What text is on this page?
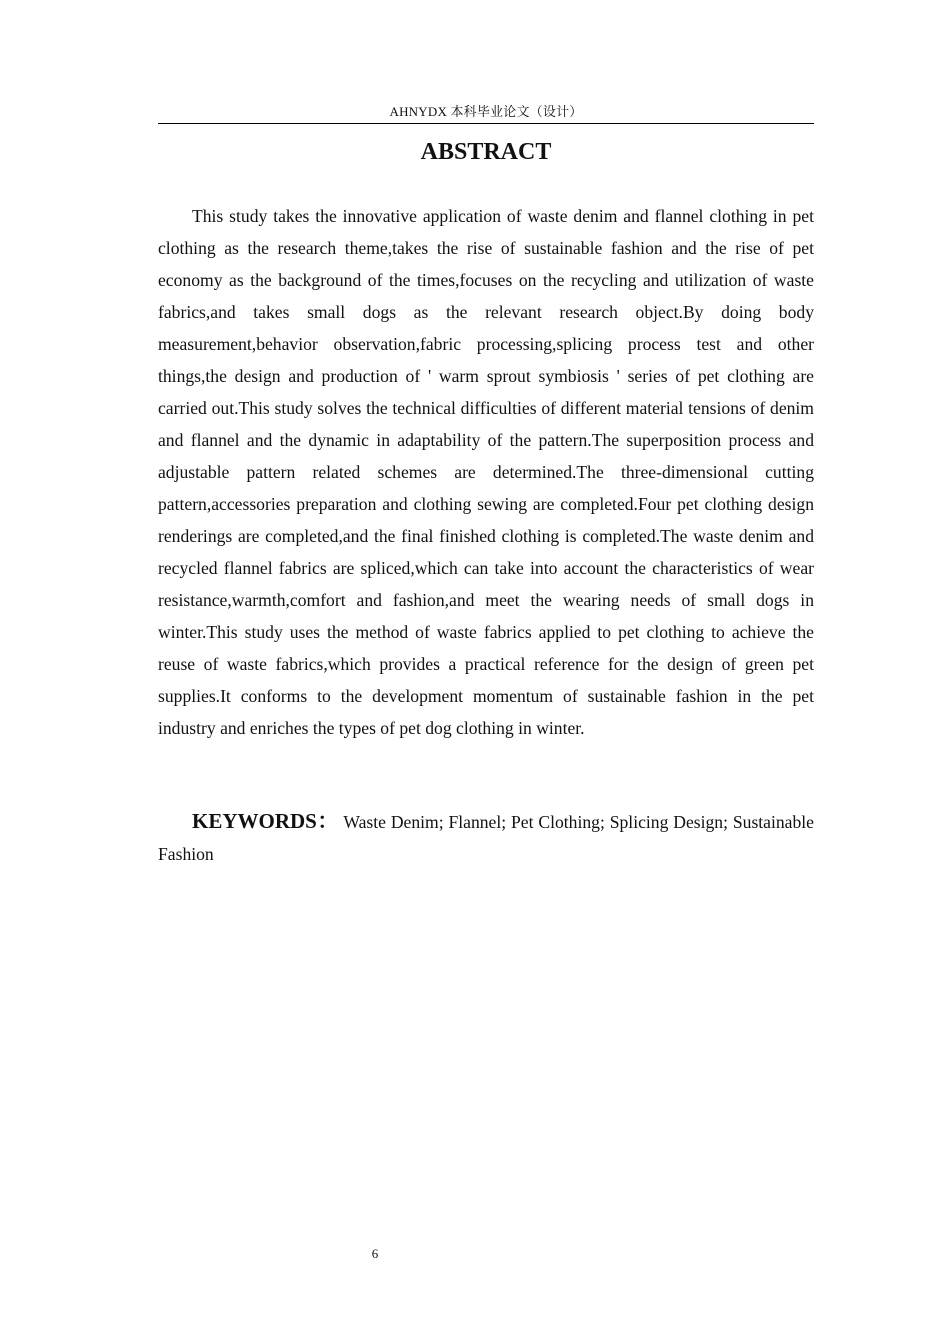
AHNYDX 本科毕业论文（设计）
ABSTRACT

This study takes the innovative application of waste denim and flannel clothing in pet clothing as the research theme,takes the rise of sustainable fashion and the rise of pet economy as the background of the times,focuses on the recycling and utilization of waste fabrics,and takes small dogs as the relevant research object.By doing body measurement,behavior observation,fabric processing,splicing process test and other things,the design and production of ' warm sprout symbiosis ' series of pet clothing are carried out.This study solves the technical difficulties of different material tensions of denim and flannel and the dynamic in adaptability of the pattern.The superposition process and adjustable pattern related schemes are determined.The three-dimensional cutting pattern,accessories preparation and clothing sewing are completed.Four pet clothing design renderings are completed,and the final finished clothing is completed.The waste denim and recycled flannel fabrics are spliced,which can take into account the characteristics of wear resistance,warmth,comfort and fashion,and meet the wearing needs of small dogs in winter.This study uses the method of waste fabrics applied to pet clothing to achieve the reuse of waste fabrics,which provides a practical reference for the design of green pet supplies.It conforms to the development momentum of sustainable fashion in the pet industry and enriches the types of pet dog clothing in winter.

KEYWORDS： Waste Denim; Flannel; Pet Clothing; Splicing Design; Sustainable Fashion

6
